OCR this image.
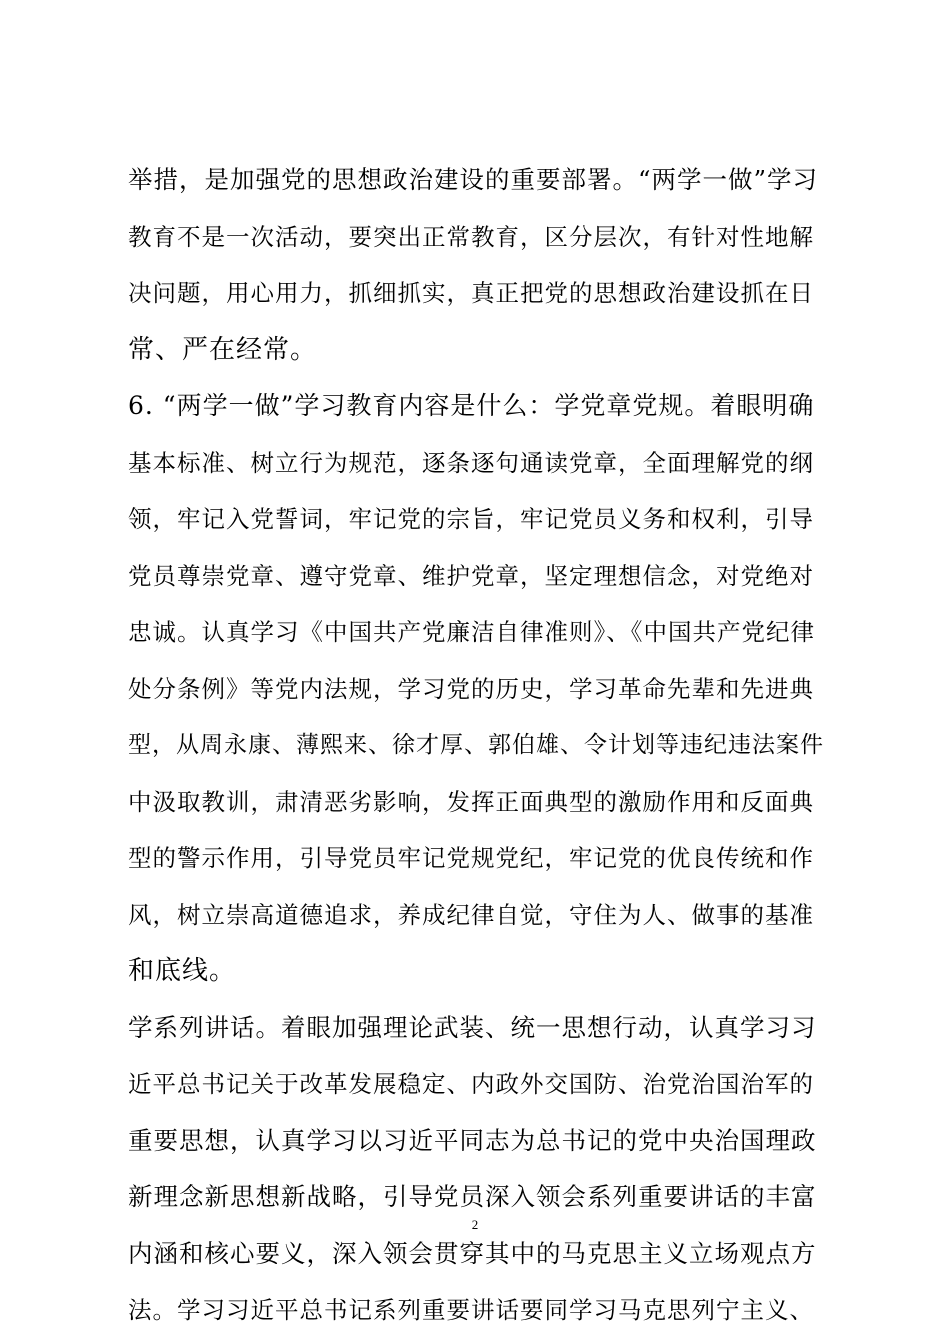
举措，是加强党的思想政治建设的重要部署。“两学一做”学习
教育不是一次活动，要突出正常教育，区分层次，有针对性地解
决问题，用心用力，抓细抓实，真正把党的思想政治建设抓在日
常、严在经常。
6. “两学一做”学习教育内容是什么：学党章党规。着眼明确
基本标准、树立行为规范，逐条逐句通读党章，全面理解党的纲
领，牢记入党誓词，牢记党的宗旨，牢记党员义务和权利，引导
党员尊崇党章、遵守党章、维护党章，坚定理想信念，对党绝对
忠诚。认真学习《中国共产党廉洁自律准则》、《中国共产党纪律
处分条例》等党内法规，学习党的历史，学习革命先辈和先进典
型，从周永康、薄熙来、徐才厚、郭伯雄、令计划等违纪违法案件
中汲取教训，肃清恶劣影响，发挥正面典型的激励作用和反面典
型的警示作用，引导党员牢记党规党纪，牢记党的优良传统和作
风，树立崇高道德追求，养成纪律自觉，守住为人、做事的基准
和底线。
学系列讲话。着眼加强理论武装、统一思想行动，认真学习习
近平总书记关于改革发展稳定、内政外交国防、治党治国治军的
重要思想，认真学习以习近平同志为总书记的党中央治国理政
新理念新思想新战略，引导党员深入领会系列重要讲话的丰富
内涵和核心要义，深入领会贯穿其中的马克思主义立场观点方
法。学习习近平总书记系列重要讲话要同学习马克思列宁主义、
2
